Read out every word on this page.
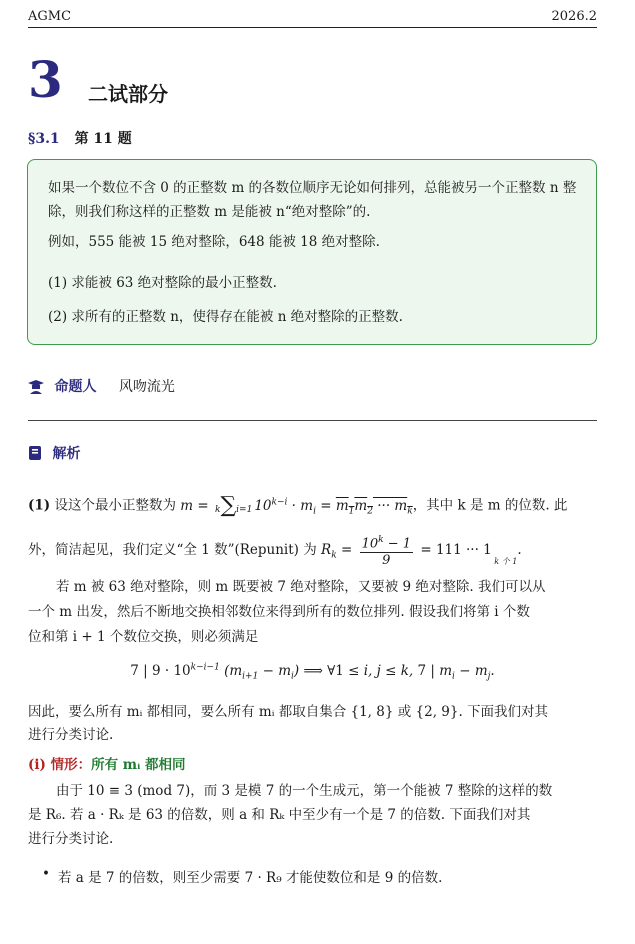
AGMC	2026.2
3 二试部分
§3.1 第 11 题

如果一个数位不含 0 的正整数 m 的各数位顺序无论如何排列，总能被另一个正整数 n 整除，则我们称这样的正整数 m 是能被 n“绝对整除”的.

例如，555 能被 15 绝对整除，648 能被 18 绝对整除.

(1) 求能被 63 绝对整除的最小正整数.

(2) 求所有的正整数 n，使得存在能被 n 绝对整除的正整数.

命题人 风吻流光
解析
(1) 设这个最小正整数为 m = k∑i=1 $10^{k-i} \cdot m_i = m_1m_2$ ··· $m_k$，其中 k 是 m 的位数. 此
外，简洁起见，我们定义“全 1 数”(Repunit) 为 $R_k = \frac{10^k - 1}{9} = 111$ ··· 1 $_{k 个 1}$.
若 m 被 63 绝对整除，则 m 既要被 7 绝对整除，又要被 9 绝对整除. 我们可以从
一个 m 出发，然后不断地交换相邻数位来得到所有的数位排列. 假设我们将第 i 个数
位和第 i + 1 个数位交换，则必须满足
7 | $9 \cdot 10^{k-i-1}$ $(m_{i+1} - m_i)$ ⟹ ∀1 ≤ i, j ≤ k, 7 | $m_i - m_j$.
因此，要么所有 mᵢ 都相同，要么所有 mᵢ 都取自集合 {1, 8} 或 {2, 9}. 下面我们对其
进行分类讨论.
(i) 情形：所有 mᵢ 都相同
由于 10 ≡ 3 (mod 7)，而 3 是模 7 的一个生成元，第一个能被 7 整除的这样的数
是 R₆. 若 a · Rₖ 是 63 的倍数，则 a 和 Rₖ 中至少有一个是 7 的倍数. 下面我们对其
进行分类讨论.
• 若 a 是 7 的倍数，则至少需要 7 · R₉ 才能使数位和是 9 的倍数.
